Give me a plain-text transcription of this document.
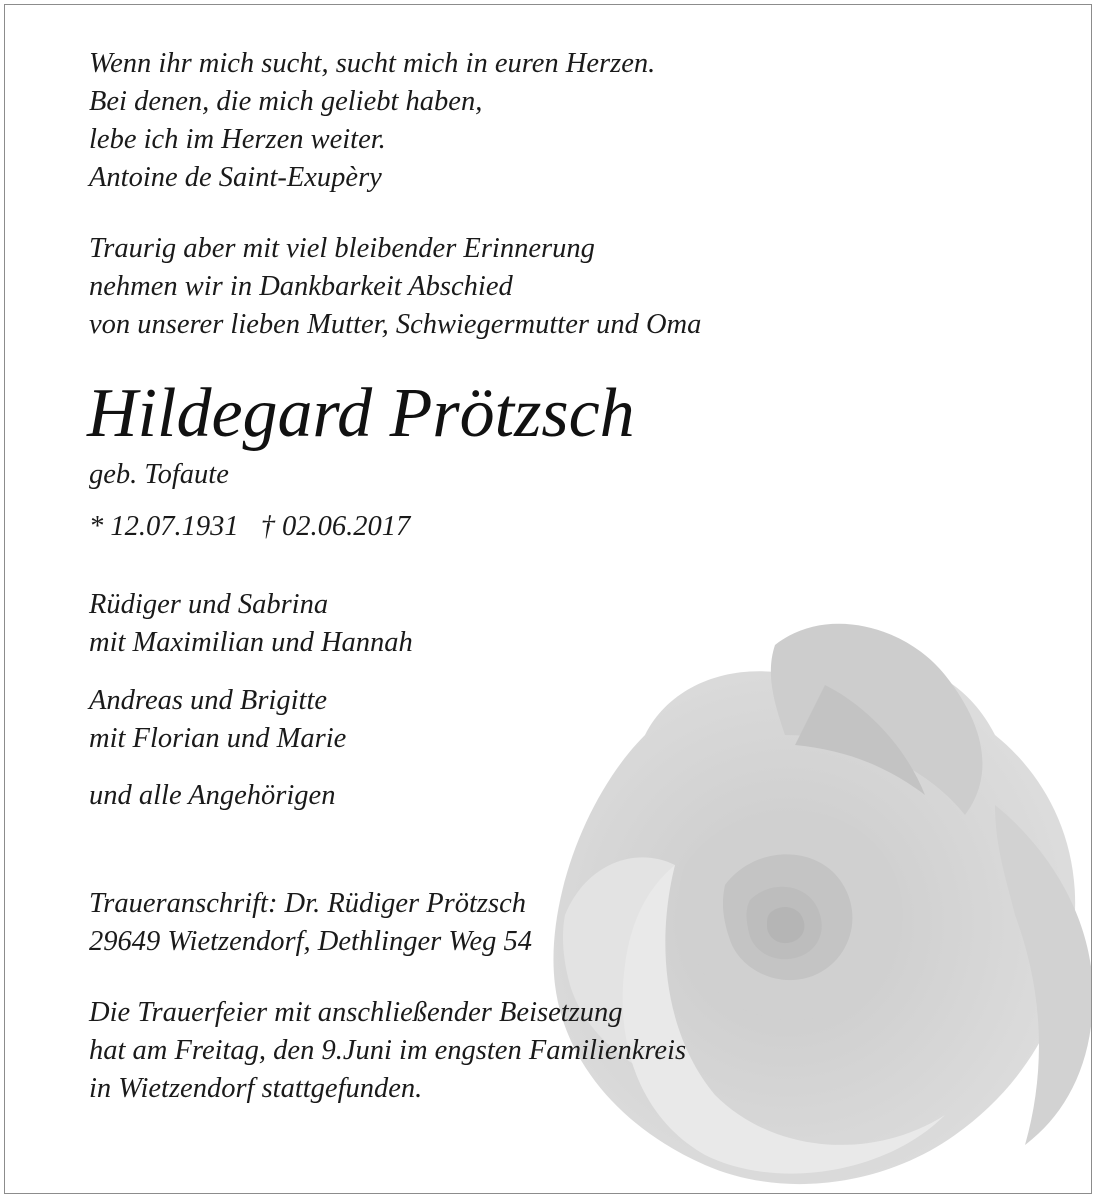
Wenn ihr mich sucht, sucht mich in euren Herzen.
Bei denen, die mich geliebt haben,
lebe ich im Herzen weiter.
Antoine de Saint-Exupèry
Traurig aber mit viel bleibender Erinnerung
nehmen wir in Dankbarkeit Abschied
von unserer lieben Mutter, Schwiegermutter und Oma
Hildegard Prötzsch
geb. Tofaute
* 12.07.1931 † 02.06.2017
Rüdiger und Sabrina
mit Maximilian und Hannah
Andreas und Brigitte
mit Florian und Marie
und alle Angehörigen
Traueranschrift: Dr. Rüdiger Prötzsch
29649 Wietzendorf, Dethlinger Weg 54
Die Trauerfeier mit anschließender Beisetzung
hat am Freitag, den 9.Juni im engsten Familienkreis
in Wietzendorf stattgefunden.
